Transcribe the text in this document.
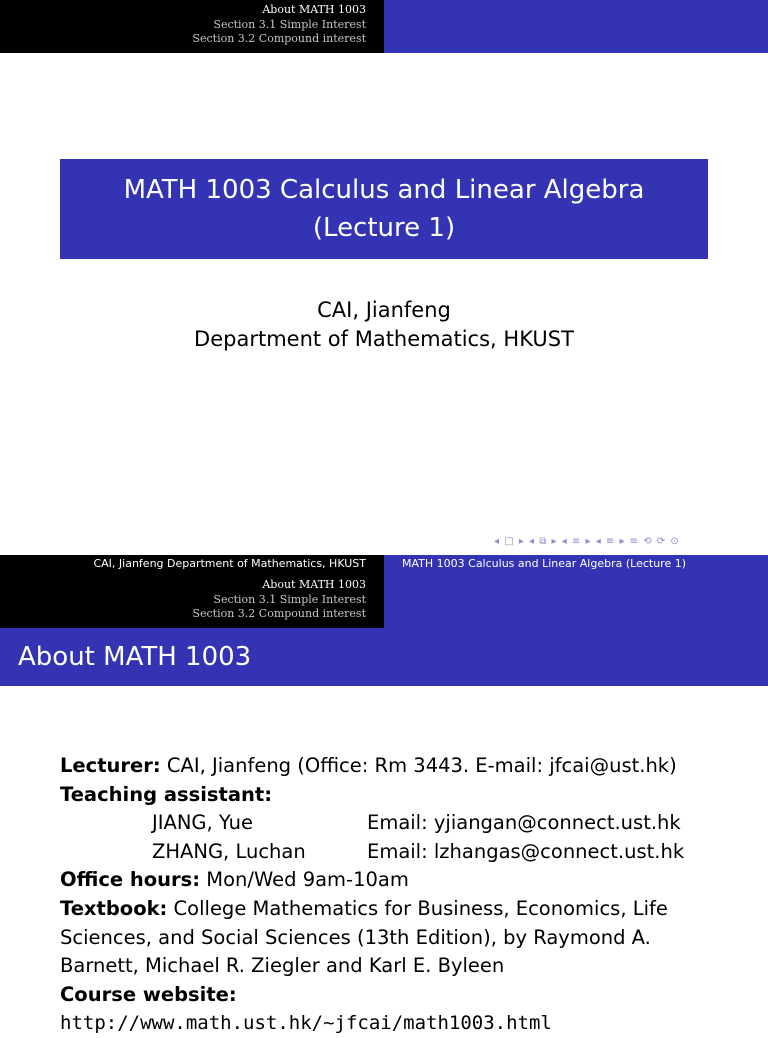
About MATH 1003
Section 3.1 Simple Interest
Section 3.2 Compound interest
MATH 1003 Calculus and Linear Algebra
(Lecture 1)
CAI, Jianfeng
Department of Mathematics, HKUST
◂ □ ▸ ◂ ⧉ ▸ ◂ ≡ ▸ ◂ ≡ ▸ ≡ ⟲ ⟳ ⊙
CAI, Jianfeng Department of Mathematics, HKUST	MATH 1003 Calculus and Linear Algebra (Lecture 1)
About MATH 1003
Section 3.1 Simple Interest
Section 3.2 Compound interest
About MATH 1003
Lecturer: CAI, Jianfeng (Office: Rm 3443. E-mail: jfcai@ust.hk)
Teaching assistant:
JIANG, Yue	Email: yjiangan@connect.ust.hk
ZHANG, Luchan	Email: lzhangas@connect.ust.hk
Office hours: Mon/Wed 9am-10am
Textbook: College Mathematics for Business, Economics, Life
Sciences, and Social Sciences (13th Edition), by Raymond A.
Barnett, Michael R. Ziegler and Karl E. Byleen
Course website:
http://www.math.ust.hk/~jfcai/math1003.html
